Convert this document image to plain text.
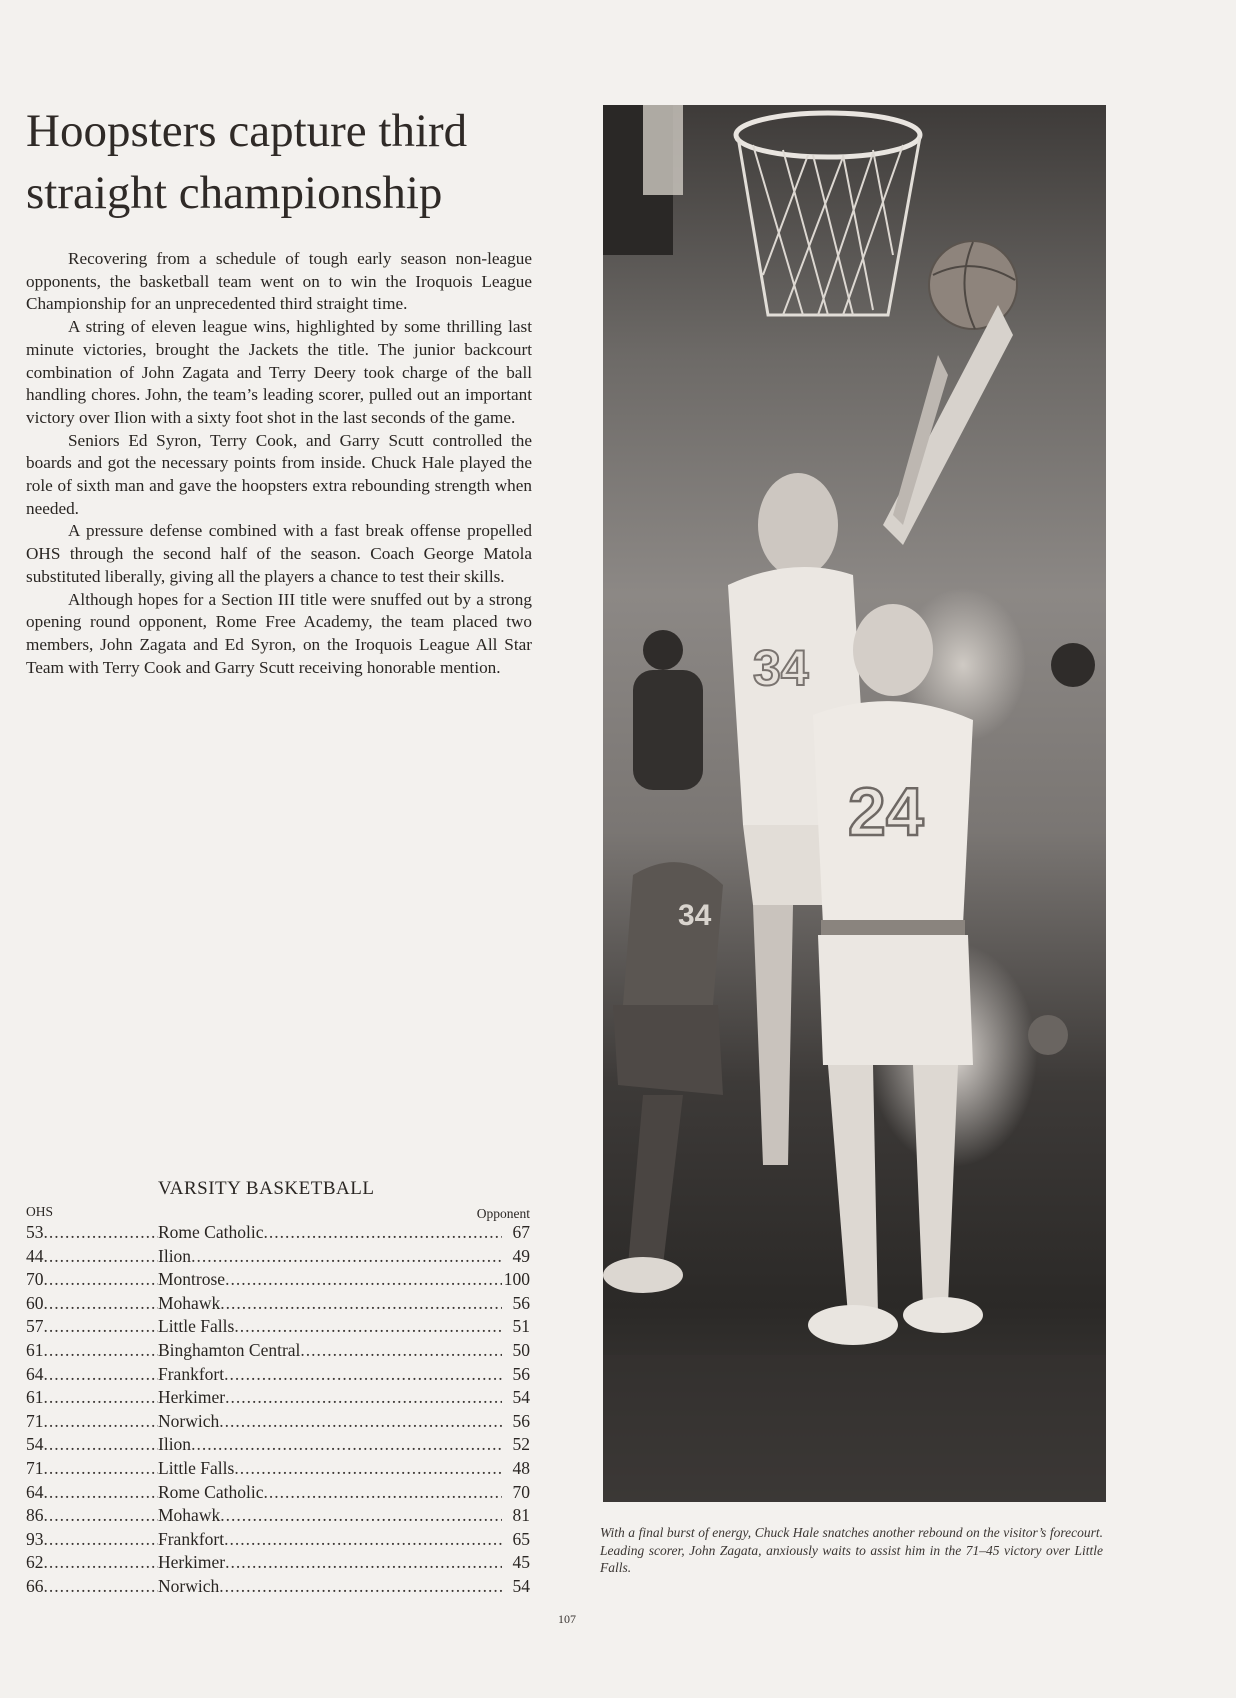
Hoopsters capture third straight championship

Recovering from a schedule of tough early season non-league opponents, the basketball team went on to win the Iroquois League Championship for an unprecedented third straight time.

A string of eleven league wins, highlighted by some thrilling last minute victories, brought the Jackets the title. The junior backcourt combination of John Zagata and Terry Deery took charge of the ball handling chores. John, the team’s leading scorer, pulled out an important victory over Ilion with a sixty foot shot in the last seconds of the game.

Seniors Ed Syron, Terry Cook, and Garry Scutt controlled the boards and got the necessary points from inside. Chuck Hale played the role of sixth man and gave the hoopsters extra rebounding strength when needed.

A pressure defense combined with a fast break offense propelled OHS through the second half of the season. Coach George Matola substituted liberally, giving all the players a chance to test their skills.

Although hopes for a Section III title were snuffed out by a strong opening round opponent, Rome Free Academy, the team placed two members, John Zagata and Ed Syron, on the Iroquois League All Star Team with Terry Cook and Garry Scutt receiving honorable mention.

VARSITY BASKETBALL
OHS	Opponent
53 .....	Rome Catholic .....	67
44 .....	Ilion .....	49
70 .....	Montrose .....	100
60 .....	Mohawk .....	56
57 .....	Little Falls .....	51
61 .....	Binghamton Central .....	50
64 .....	Frankfort .....	56
61 .....	Herkimer .....	54
71 .....	Norwich .....	56
54 .....	Ilion .....	52
71 .....	Little Falls .....	48
64 .....	Rome Catholic .....	70
86 .....	Mohawk .....	81
93 .....	Frankfort .....	65
62 .....	Herkimer .....	45
66 .....	Norwich .....	54
34
24
34

With a final burst of energy, Chuck Hale snatches another rebound on the visitor’s forecourt. Leading scorer, John Zagata, anxiously waits to assist him in the 71–45 victory over Little Falls.

107
